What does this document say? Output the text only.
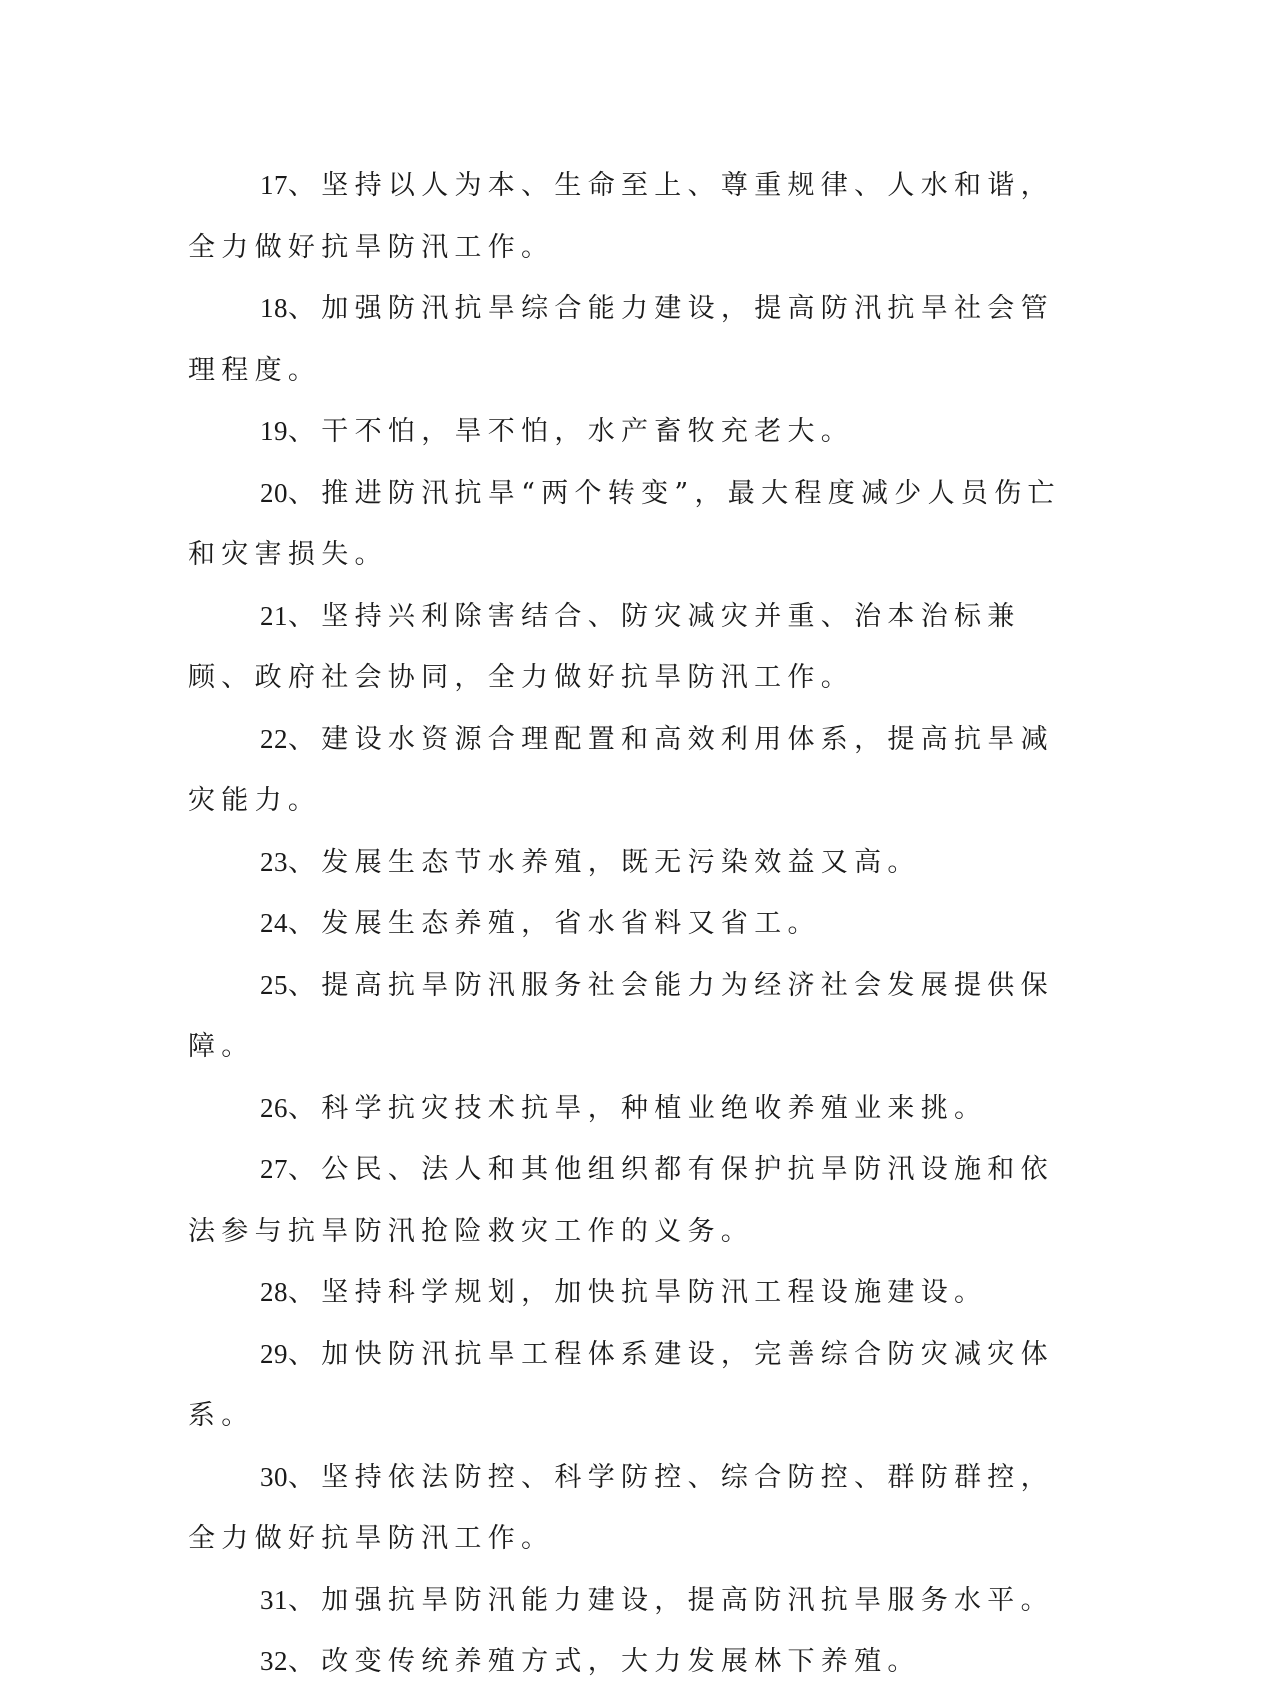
17、坚持以人为本、生命至上、尊重规律、人水和谐，全力做好抗旱防汛工作。

18、加强防汛抗旱综合能力建设，提高防汛抗旱社会管理程度。

19、干不怕，旱不怕，水产畜牧充老大。

20、推进防汛抗旱“两个转变”，最大程度减少人员伤亡和灾害损失。

21、坚持兴利除害结合、防灾减灾并重、治本治标兼顾、政府社会协同，全力做好抗旱防汛工作。

22、建设水资源合理配置和高效利用体系，提高抗旱减灾能力。

23、发展生态节水养殖，既无污染效益又高。

24、发展生态养殖，省水省料又省工。

25、提高抗旱防汛服务社会能力为经济社会发展提供保障。

26、科学抗灾技术抗旱，种植业绝收养殖业来挑。

27、公民、法人和其他组织都有保护抗旱防汛设施和依法参与抗旱防汛抢险救灾工作的义务。

28、坚持科学规划，加快抗旱防汛工程设施建设。

29、加快防汛抗旱工程体系建设，完善综合防灾减灾体系。

30、坚持依法防控、科学防控、综合防控、群防群控，全力做好抗旱防汛工作。

31、加强抗旱防汛能力建设，提高防汛抗旱服务水平。

32、改变传统养殖方式，大力发展林下养殖。
